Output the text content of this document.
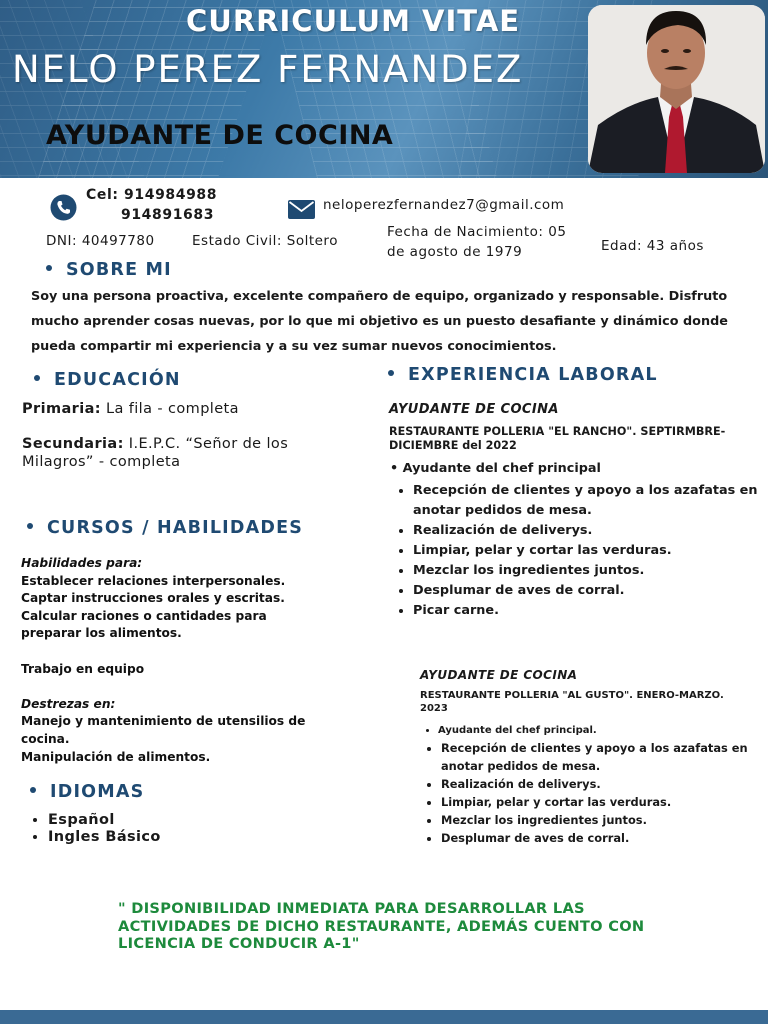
CURRICULUM VITAE
NELO PEREZ FERNANDEZ
AYUDANTE DE COCINA
Cel: 914984988
914891683
neloperezfernandez7@gmail.com
DNI: 40497780	Estado Civil: Soltero
Fecha de Nacimiento: 05 de agosto de 1979	Edad: 43 años
SOBRE MI
Soy una persona proactiva, excelente compañero de equipo, organizado y responsable. Disfruto mucho aprender cosas nuevas, por lo que mi objetivo es un puesto desafiante y dinámico donde pueda compartir mi experiencia y a su vez sumar nuevos conocimientos.
EDUCACIÓN
Primaria: La fila - completa
Secundaria: I.E.P.C. “Señor de los Milagros” - completa
CURSOS / HABILIDADES
Habilidades para:
Establecer relaciones interpersonales.
Captar instrucciones orales y escritas.
Calcular raciones o cantidades para preparar los alimentos.
Trabajo en equipo
Destrezas en:
Manejo y mantenimiento de utensilios de cocina.
Manipulación de alimentos.
IDIOMAS
• Español
• Ingles Básico
EXPERIENCIA LABORAL
AYUDANTE DE COCINA
RESTAURANTE POLLERIA "EL RANCHO". SEPTIRMBRE-DICIEMBRE del 2022
• Ayudante del chef principal
• Recepción de clientes y apoyo a los azafatas en anotar pedidos de mesa.
• Realización de deliverys.
• Limpiar, pelar y cortar las verduras.
• Mezclar los ingredientes juntos.
• Desplumar de aves de corral.
• Picar carne.
AYUDANTE DE COCINA
RESTAURANTE POLLERIA "AL GUSTO". ENERO-MARZO. 2023
• Ayudante del chef principal.
• Recepción de clientes y apoyo a los azafatas en anotar pedidos de mesa.
• Realización de deliverys.
• Limpiar, pelar y cortar las verduras.
• Mezclar los ingredientes juntos.
• Desplumar de aves de corral.
" DISPONIBILIDAD INMEDIATA PARA DESARROLLAR LAS ACTIVIDADES DE DICHO RESTAURANTE, ADEMÁS CUENTO CON LICENCIA DE CONDUCIR A-1"
